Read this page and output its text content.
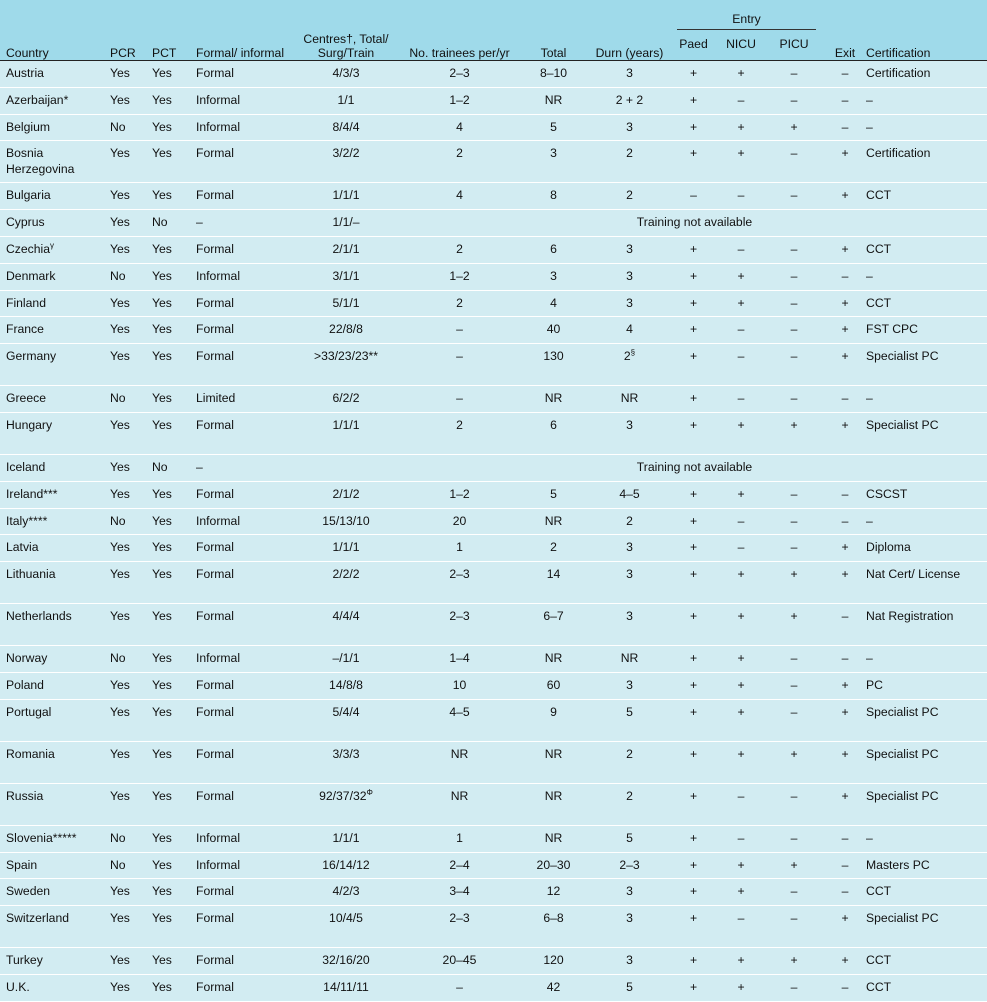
Country	PCR	PCT	Formal/ informal	Centres†, Total/ Surg/Train	No. trainees per/yr	Total	Durn (years)	Entry			Exit	Certification
								Paed	NICU	PICU		
Austria	Yes	Yes	Formal	4/3/3	2–3	8–10	3	+	+	–	–	Certification
Azerbaijan*	Yes	Yes	Informal	1/1	1–2	NR	2 + 2	+	–	–	–	–
Belgium	No	Yes	Informal	8/4/4	4	5	3	+	+	+	–	–
Bosnia Herzegovina	Yes	Yes	Formal	3/2/2	2	3	2	+	+	–	+	Certification
Bulgaria	Yes	Yes	Formal	1/1/1	4	8	2	–	–	–	+	CCT
Cyprus	Yes	No	–	1/1/–	Training not available							
Czechia$^\gamma$	Yes	Yes	Formal	2/1/1	2	6	3	+	–	–	+	CCT
Denmark	No	Yes	Informal	3/1/1	1–2	3	3	+	+	–	–	–
Finland	Yes	Yes	Formal	5/1/1	2	4	3	+	+	–	+	CCT
France	Yes	Yes	Formal	22/8/8	–	40	4	+	–	–	+	FST CPC
Germany	Yes	Yes	Formal	>33/23/23**	–	130	2§	+	–	–	+	Specialist PC
Greece	No	Yes	Limited	6/2/2	–	NR	NR	+	–	–	–	–
Hungary	Yes	Yes	Formal	1/1/1	2	6	3	+	+	+	+	Specialist PC
Iceland	Yes	No	–		Training not available							
Ireland***	Yes	Yes	Formal	2/1/2	1–2	5	4–5	+	+	–	–	CSCST
Italy****	No	Yes	Informal	15/13/10	20	NR	2	+	–	–	–	–
Latvia	Yes	Yes	Formal	1/1/1	1	2	3	+	–	–	+	Diploma
Lithuania	Yes	Yes	Formal	2/2/2	2–3	14	3	+	+	+	+	Nat Cert/ License
Netherlands	Yes	Yes	Formal	4/4/4	2–3	6–7	3	+	+	+	–	Nat Registration
Norway	No	Yes	Informal	–/1/1	1–4	NR	NR	+	+	–	–	–
Poland	Yes	Yes	Formal	14/8/8	10	60	3	+	+	–	+	PC
Portugal	Yes	Yes	Formal	5/4/4	4–5	9	5	+	+	–	+	Specialist PC
Romania	Yes	Yes	Formal	3/3/3	NR	NR	2	+	+	+	+	Specialist PC
Russia	Yes	Yes	Formal	$92/37/32^\Phi$	NR	NR	2	+	–	–	+	Specialist PC
Slovenia*****	No	Yes	Informal	1/1/1	1	NR	5	+	–	–	–	–
Spain	No	Yes	Informal	16/14/12	2–4	20–30	2–3	+	+	+	–	Masters PC
Sweden	Yes	Yes	Formal	4/2/3	3–4	12	3	+	+	–	–	CCT
Switzerland	Yes	Yes	Formal	10/4/5	2–3	6–8	3	+	–	–	+	Specialist PC
Turkey	Yes	Yes	Formal	32/16/20	20–45	120	3	+	+	+	+	CCT
U.K.	Yes	Yes	Formal	14/11/11	–	42	5	+	+	–	–	CCT
